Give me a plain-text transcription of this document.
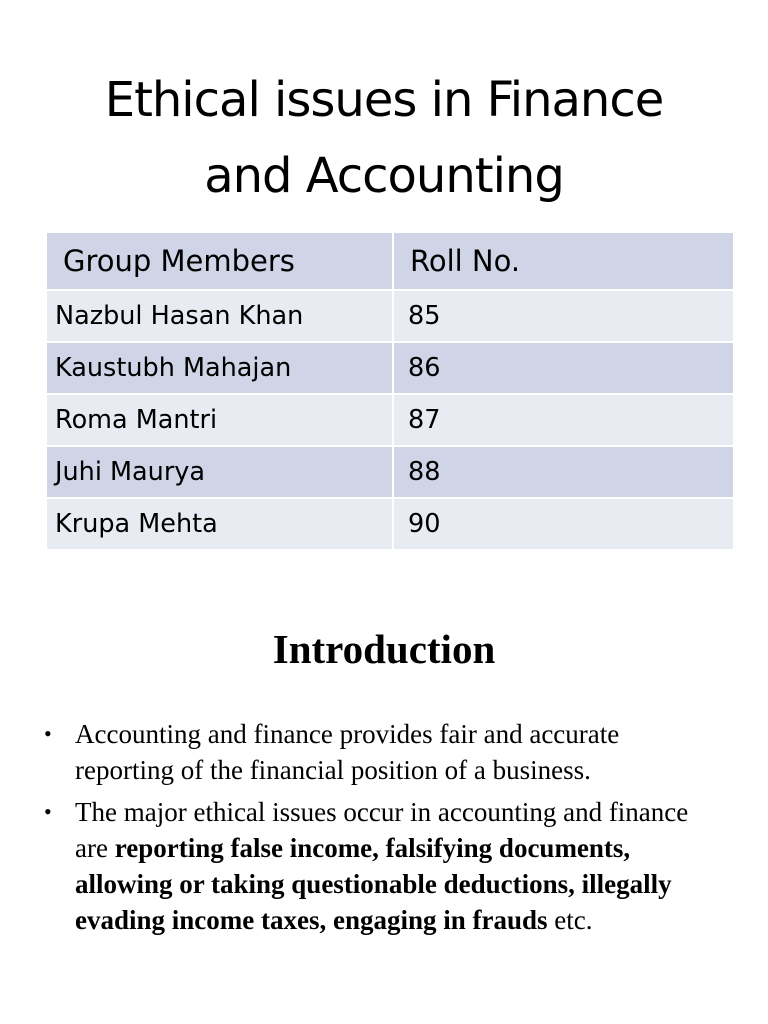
Ethical issues in Finance
and Accounting
Group Members	Roll No.
Nazbul Hasan Khan	85
Kaustubh Mahajan	86
Roma Mantri	87
Juhi Maurya	88
Krupa Mehta	90
Introduction
• Accounting and finance provides fair and accurate reporting of the financial position of a business.
• The major ethical issues occur in accounting and finance are reporting false income, falsifying documents, allowing or taking questionable deductions, illegally evading income taxes, engaging in frauds etc.
